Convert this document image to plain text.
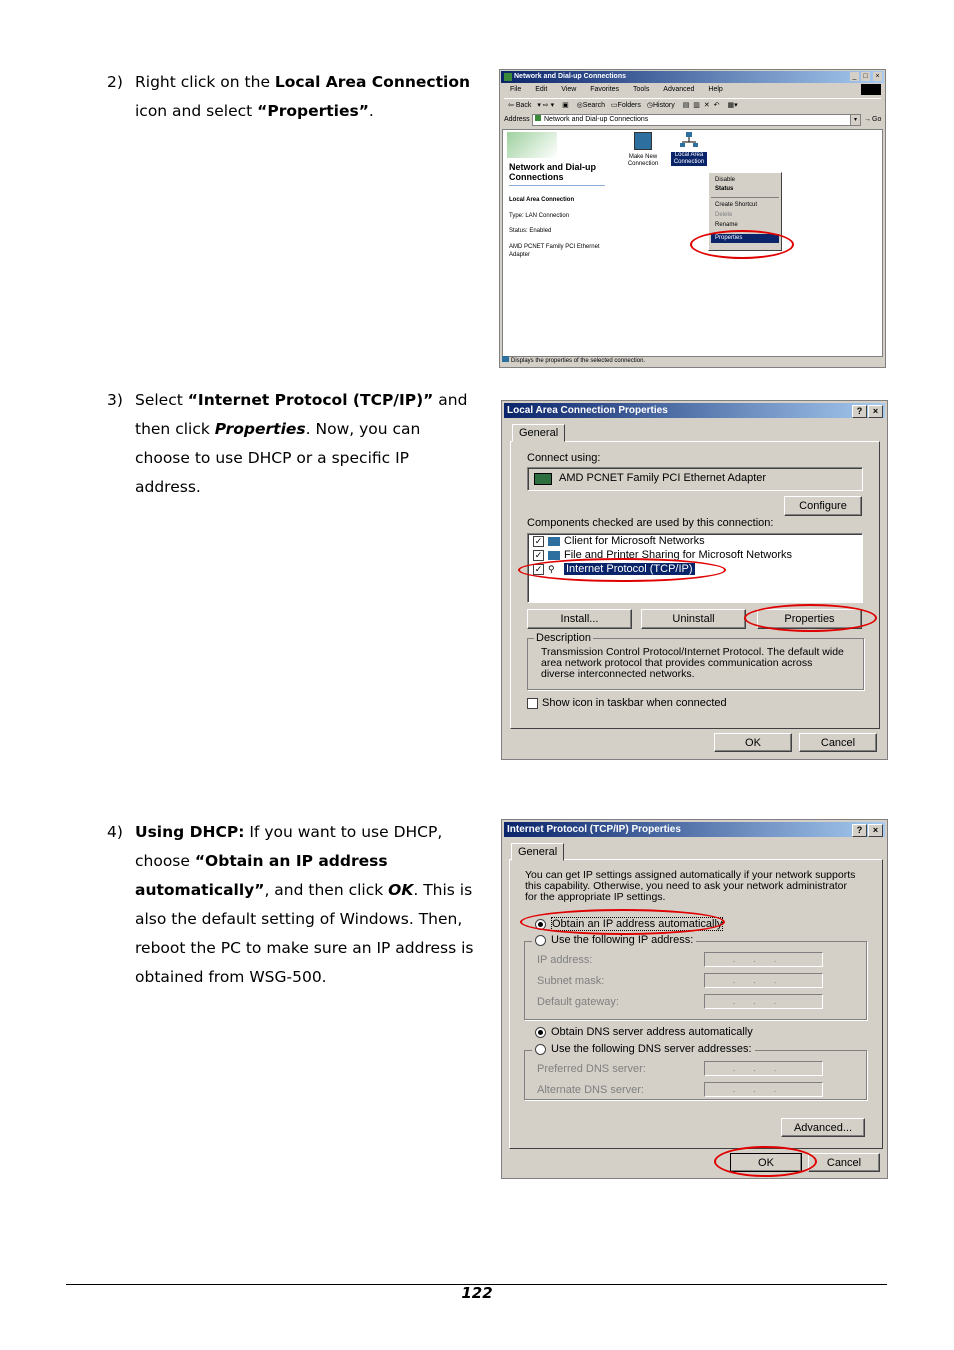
2) Right click on the Local Area Connection icon and select “Properties”.
Network and Dial-up Connections	_ □	×
File Edit View Favorites Tools Advanced Help
⇦ Back ▾ ⇨ ▾ ▣ ◎Search ▭Folders ◷History ▤ ▥ ✕ ↶ ▦▾
Address	Network and Dial-up Connections	▾	→ Go
Network and Dial-up Connections
Local Area Connection
Type: LAN Connection
Status: Enabled
AMD PCNET Family PCI Ethernet Adapter
Make New Connection
Local Area Connection
Disable
Status
Create Shortcut
Delete
Rename
Properties
Displays the properties of the selected connection.
3) Select “Internet Protocol (TCP/IP)” and then click Properties. Now, you can choose to use DHCP or a specific IP address.
Local Area Connection Properties	?	×
General
Connect using:
AMD PCNET Family PCI Ethernet Adapter
Configure
Components checked are used by this connection:
✓ Client for Microsoft Networks
✓ File and Printer Sharing for Microsoft Networks
✓ ⚲ Internet Protocol (TCP/IP)
Install...	Uninstall	Properties
Description
Transmission Control Protocol/Internet Protocol. The default wide area network protocol that provides communication across diverse interconnected networks.
Show icon in taskbar when connected
OK	Cancel
4) Using DHCP: If you want to use DHCP, choose “Obtain an IP address automatically”, and then click OK. This is also the default setting of Windows. Then, reboot the PC to make sure an IP address is obtained from WSG-500.
Internet Protocol (TCP/IP) Properties	?	×
General
You can get IP settings assigned automatically if your network supports this capability. Otherwise, you need to ask your network administrator for the appropriate IP settings.
Obtain an IP address automatically
Use the following IP address:
IP address:	...
Subnet mask:	...
Default gateway:	...
Obtain DNS server address automatically
Use the following DNS server addresses:
Preferred DNS server:	...
Alternate DNS server:	...
Advanced...
OK	Cancel
122
